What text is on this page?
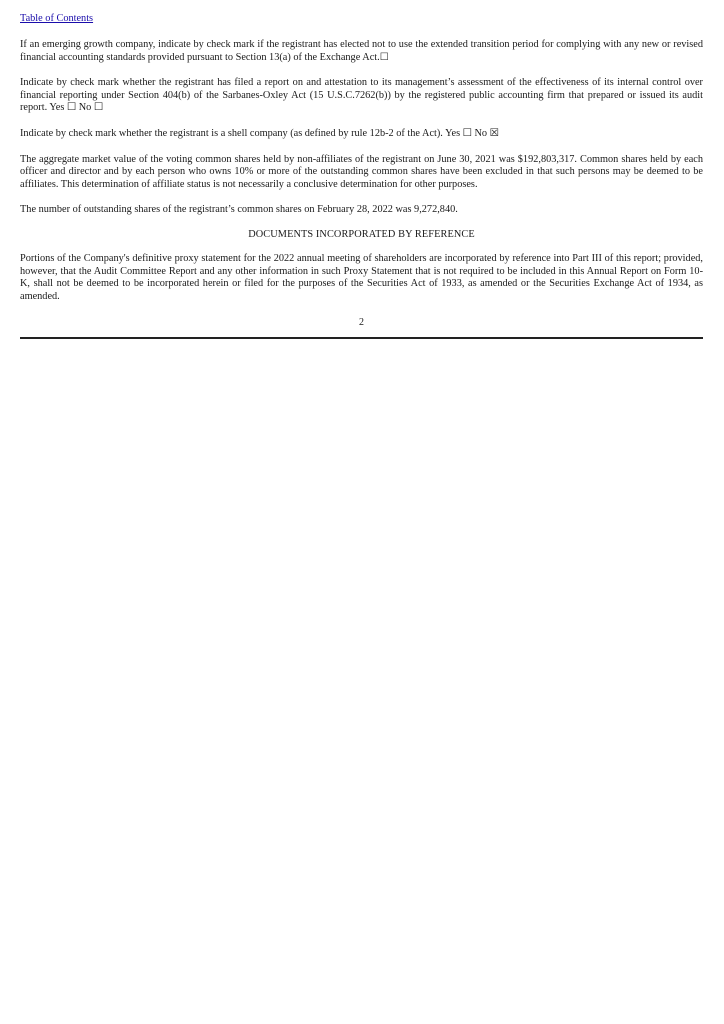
Table of Contents

If an emerging growth company, indicate by check mark if the registrant has elected not to use the extended transition period for complying with any new or revised financial accounting standards provided pursuant to Section 13(a) of the Exchange Act.☐

Indicate by check mark whether the registrant has filed a report on and attestation to its management’s assessment of the effectiveness of its internal control over financial reporting under Section 404(b) of the Sarbanes-Oxley Act (15 U.S.C.7262(b)) by the registered public accounting firm that prepared or issued its audit report. Yes ☐ No ☐

Indicate by check mark whether the registrant is a shell company (as defined by rule 12b-2 of the Act). Yes ☐ No ☒

The aggregate market value of the voting common shares held by non-affiliates of the registrant on June 30, 2021 was $192,803,317. Common shares held by each officer and director and by each person who owns 10% or more of the outstanding common shares have been excluded in that such persons may be deemed to be affiliates. This determination of affiliate status is not necessarily a conclusive determination for other purposes.

The number of outstanding shares of the registrant’s common shares on February 28, 2022 was 9,272,840.

DOCUMENTS INCORPORATED BY REFERENCE

Portions of the Company's definitive proxy statement for the 2022 annual meeting of shareholders are incorporated by reference into Part III of this report; provided, however, that the Audit Committee Report and any other information in such Proxy Statement that is not required to be included in this Annual Report on Form 10-K, shall not be deemed to be incorporated herein or filed for the purposes of the Securities Act of 1933, as amended or the Securities Exchange Act of 1934, as amended.

2
